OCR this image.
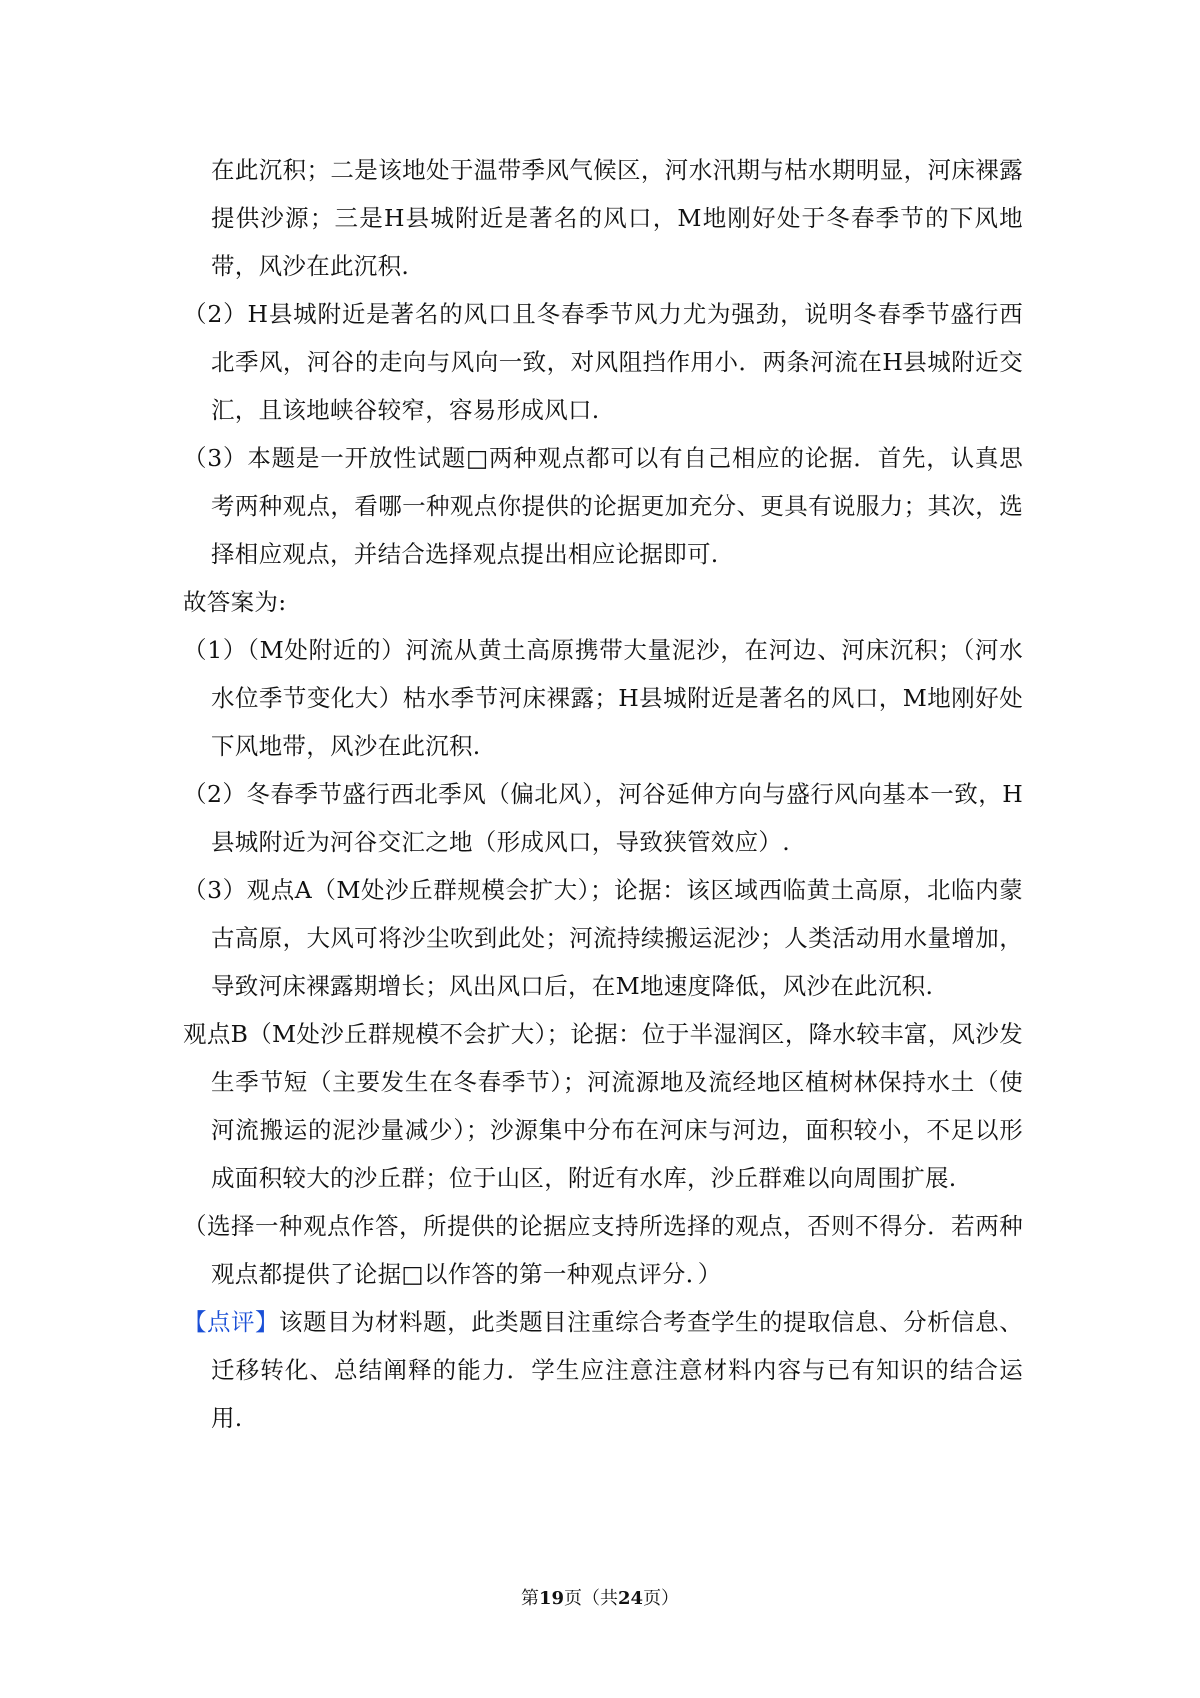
在此沉积；二是该地处于温带季风气候区，河水汛期与枯水期明显，河床裸露提供沙源；三是H县城附近是著名的风口，M地刚好处于冬春季节的下风地带，风沙在此沉积.

（2）H县城附近是著名的风口且冬春季节风力尤为强劲，说明冬春季节盛行西北季风，河谷的走向与风向一致，对风阻挡作用小．两条河流在H县城附近交汇，且该地峡谷较窄，容易形成风口.

（3）本题是一开放性试题□两种观点都可以有自己相应的论据．首先，认真思考两种观点，看哪一种观点你提供的论据更加充分、更具有说服力；其次，选择相应观点，并结合选择观点提出相应论据即可.

故答案为:

（1）（M处附近的）河流从黄土高原携带大量泥沙，在河边、河床沉积；（河水水位季节变化大）枯水季节河床裸露；H县城附近是著名的风口，M地刚好处下风地带，风沙在此沉积.

（2）冬春季节盛行西北季风（偏北风），河谷延伸方向与盛行风向基本一致，H县城附近为河谷交汇之地（形成风口，导致狭管效应）.

（3）观点A（M处沙丘群规模会扩大）；论据：该区域西临黄土高原，北临内蒙古高原，大风可将沙尘吹到此处；河流持续搬运泥沙；人类活动用水量增加，导致河床裸露期增长；风出风口后，在M地速度降低，风沙在此沉积.

观点B（M处沙丘群规模不会扩大）；论据：位于半湿润区，降水较丰富，风沙发生季节短（主要发生在冬春季节）；河流源地及流经地区植树林保持水土（使河流搬运的泥沙量减少）；沙源集中分布在河床与河边，面积较小，不足以形成面积较大的沙丘群；位于山区，附近有水库，沙丘群难以向周围扩展.

（选择一种观点作答，所提供的论据应支持所选择的观点，否则不得分．若两种观点都提供了论据□以作答的第一种观点评分．）

【点评】该题目为材料题，此类题目注重综合考查学生的提取信息、分析信息、迁移转化、总结阐释的能力．学生应注意注意材料内容与已有知识的结合运用.

第19页（共24页）
